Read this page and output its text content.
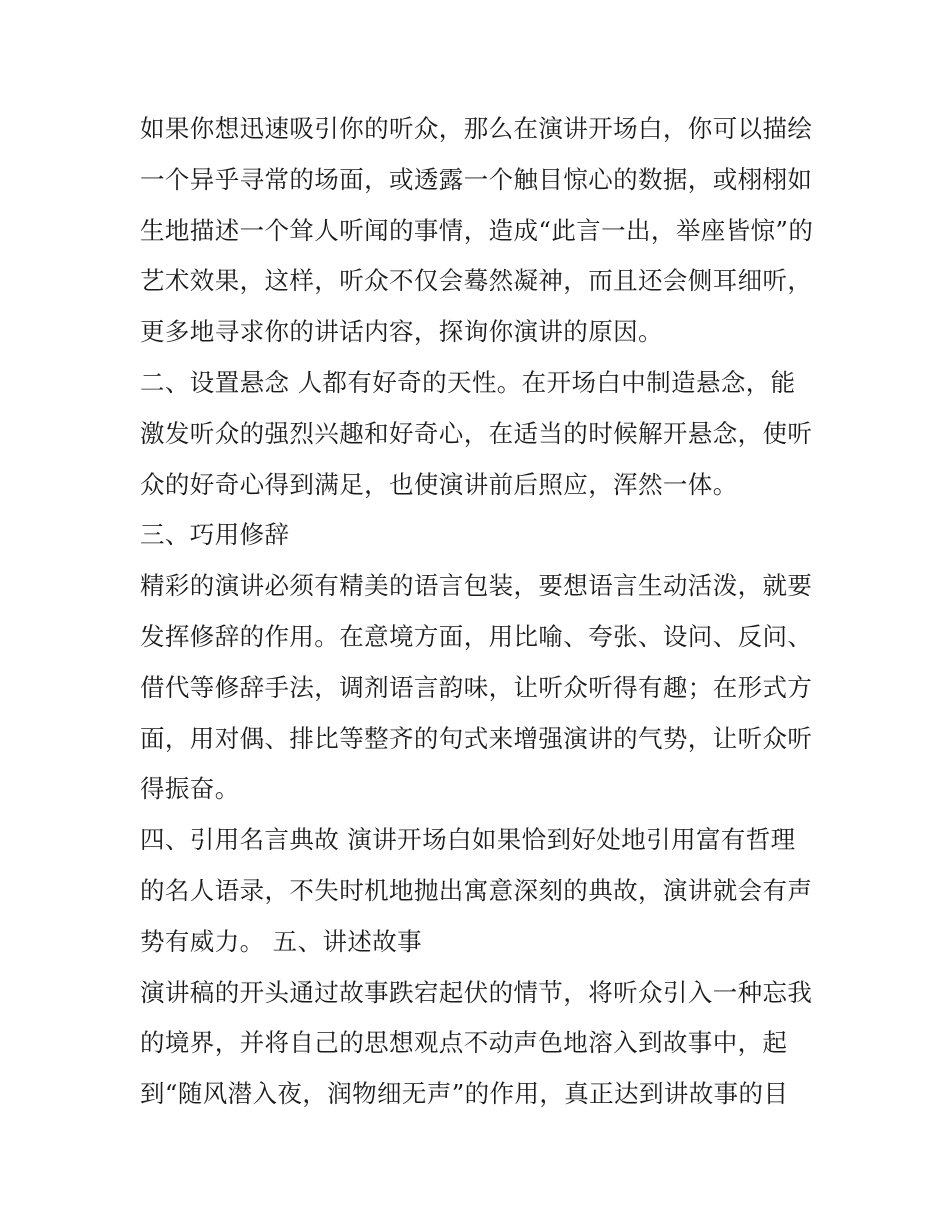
如果你想迅速吸引你的听众，那么在演讲开场白，你可以描绘
一个异乎寻常的场面，或透露一个触目惊心的数据，或栩栩如
生地描述一个耸人听闻的事情，造成“此言一出，举座皆惊”的
艺术效果，这样，听众不仅会蓦然凝神，而且还会侧耳细听，
更多地寻求你的讲话内容，探询你演讲的原因。
二、设置悬念 人都有好奇的天性。在开场白中制造悬念，能
激发听众的强烈兴趣和好奇心，在适当的时候解开悬念，使听
众的好奇心得到满足，也使演讲前后照应，浑然一体。
三、巧用修辞
精彩的演讲必须有精美的语言包装，要想语言生动活泼，就要
发挥修辞的作用。在意境方面，用比喻、夸张、设问、反问、
借代等修辞手法，调剂语言韵味，让听众听得有趣；在形式方
面，用对偶、排比等整齐的句式来增强演讲的气势，让听众听
得振奋。
四、引用名言典故 演讲开场白如果恰到好处地引用富有哲理
的名人语录，不失时机地抛出寓意深刻的典故，演讲就会有声
势有威力。 五、讲述故事
演讲稿的开头通过故事跌宕起伏的情节，将听众引入一种忘我
的境界，并将自己的思想观点不动声色地溶入到故事中，起
到“随风潜入夜，润物细无声”的作用，真正达到讲故事的目
